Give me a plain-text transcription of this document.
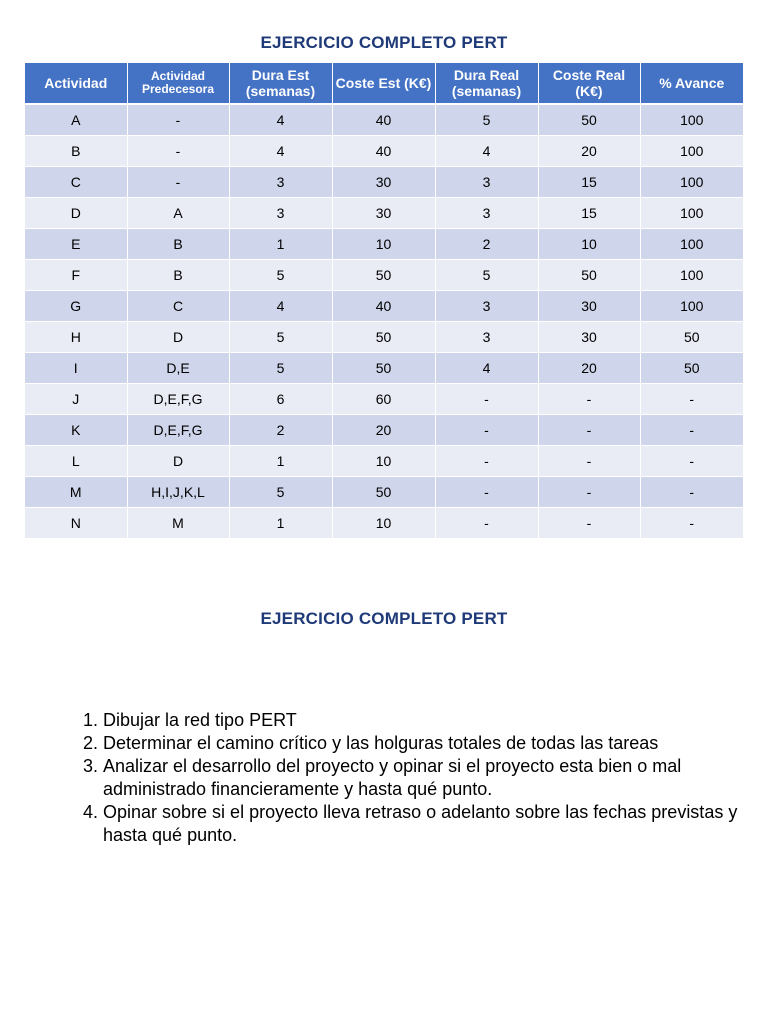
EJERCICIO COMPLETO PERT
Actividad	Actividad Predecesora	Dura Est (semanas)	Coste Est (K€)	Dura Real (semanas)	Coste Real (K€)	% Avance
A	-	4	40	5	50	100
B	-	4	40	4	20	100
C	-	3	30	3	15	100
D	A	3	30	3	15	100
E	B	1	10	2	10	100
F	B	5	50	5	50	100
G	C	4	40	3	30	100
H	D	5	50	3	30	50
I	D,E	5	50	4	20	50
J	D,E,F,G	6	60	-	-	-
K	D,E,F,G	2	20	-	-	-
L	D	1	10	-	-	-
M	H,I,J,K,L	5	50	-	-	-
N	M	1	10	-	-	-
EJERCICIO COMPLETO PERT
1. Dibujar la red tipo PERT
2. Determinar el camino crítico y las holguras totales de todas las tareas
3. Analizar el desarrollo del proyecto y opinar si el proyecto esta bien o mal administrado financieramente y hasta qué punto.
4. Opinar sobre si el proyecto lleva retraso o adelanto sobre las fechas previstas y hasta qué punto.
